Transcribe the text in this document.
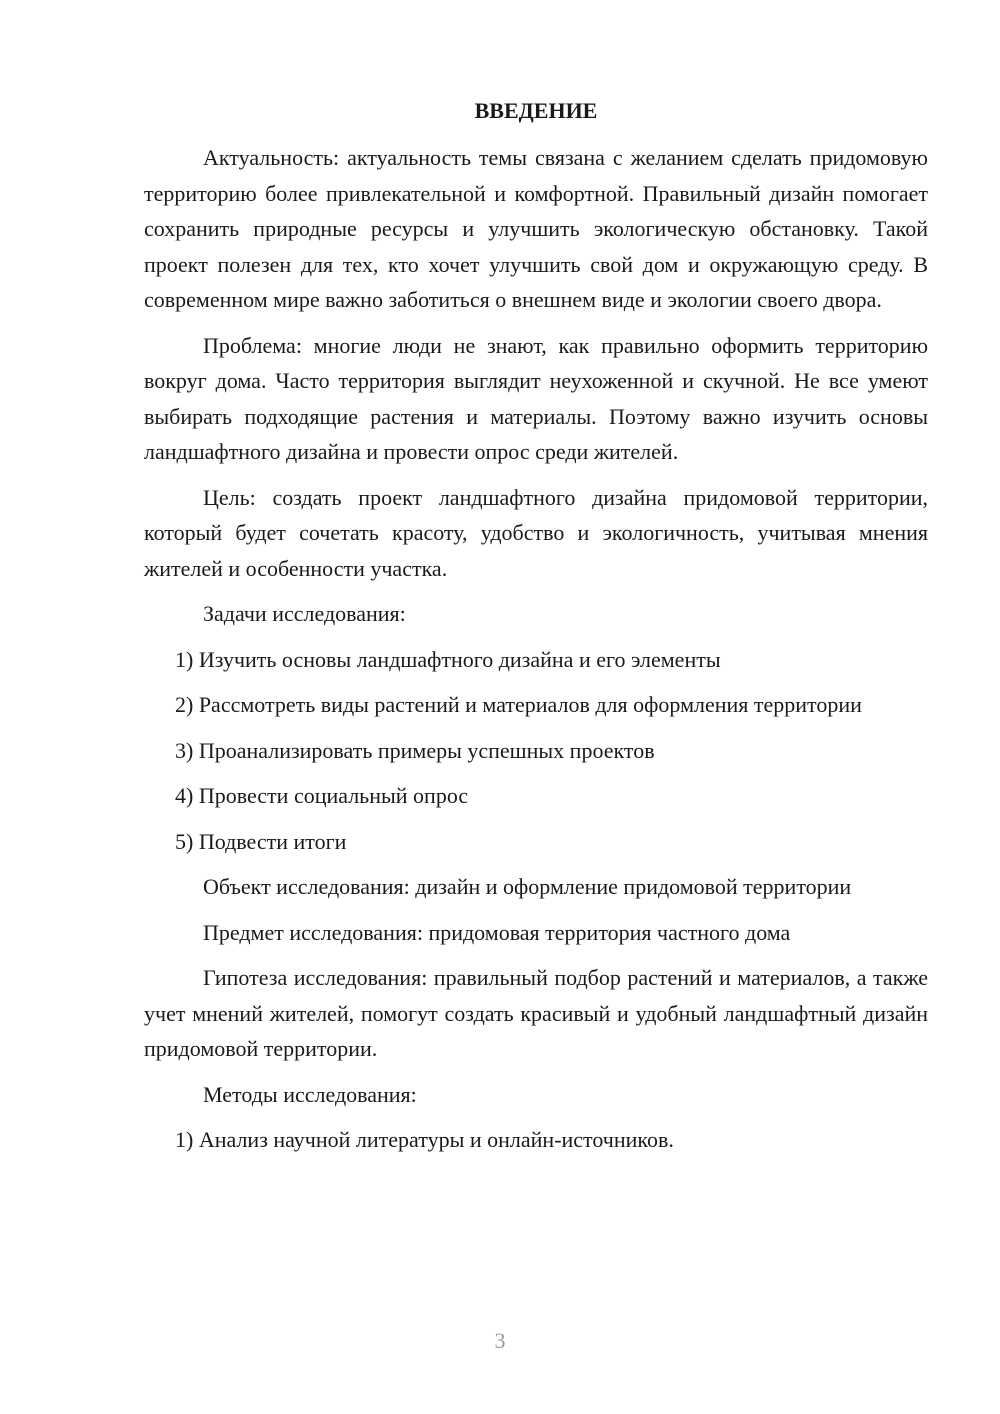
ВВЕДЕНИЕ

Актуальность: актуальность темы связана с желанием сделать придомовую территорию более привлекательной и комфортной. Правильный дизайн помогает сохранить природные ресурсы и улучшить экологическую обстановку. Такой проект полезен для тех, кто хочет улучшить свой дом и окружающую среду. В современном мире важно заботиться о внешнем виде и экологии своего двора.

Проблема: многие люди не знают, как правильно оформить территорию вокруг дома. Часто территория выглядит неухоженной и скучной. Не все умеют выбирать подходящие растения и материалы. Поэтому важно изучить основы ландшафтного дизайна и провести опрос среди жителей.

Цель: создать проект ландшафтного дизайна придомовой территории, который будет сочетать красоту, удобство и экологичность, учитывая мнения жителей и особенности участка.

Задачи исследования:

1) Изучить основы ландшафтного дизайна и его элементы

2) Рассмотреть виды растений и материалов для оформления территории

3) Проанализировать примеры успешных проектов

4) Провести социальный опрос

5) Подвести итоги

Объект исследования: дизайн и оформление придомовой территории

Предмет исследования: придомовая территория частного дома

Гипотеза исследования: правильный подбор растений и материалов, а также учет мнений жителей, помогут создать красивый и удобный ландшафтный дизайн придомовой территории.

Методы исследования:

1) Анализ научной литературы и онлайн-источников.

3
